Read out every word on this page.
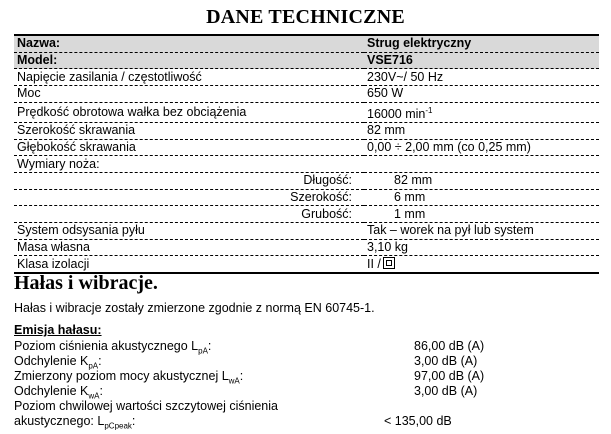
DANE TECHNICZNE
Nazwa:	Strug elektryczny
Model:	VSE716
Napięcie zasilania / częstotliwość	230V~/ 50 Hz
Moc	650 W
Prędkość obrotowa wałka bez obciążenia	16000 $\min^{-1}$
Szerokość skrawania	82 mm
Głębokość skrawania	0,00 ÷ 2,00 mm (co 0,25 mm)
Wymiary noża:	
Długość:	82 mm
Szerokość:	6 mm
Grubość:	1 mm
System odsysania pyłu	Tak – worek na pył lub system
Masa własna	3,10 kg
Klasa izolacji	II /
Hałas i wibracje.
Hałas i wibracje zostały zmierzone zgodnie z normą EN 60745-1.
Emisja hałasu:
Poziom ciśnienia akustycznego $L_{pA}$:	86,00 dB (A)
Odchylenie $K_{pA}$:	3,00 dB (A)
Zmierzony poziom mocy akustycznej $L_{wA}$:	97,00 dB (A)
Odchylenie $K_{wA}$:	3,00 dB (A)
Poziom chwilowej wartości szczytowej ciśnienia
akustycznego: $L_{pCpeak}$:	< 135,00 dB
